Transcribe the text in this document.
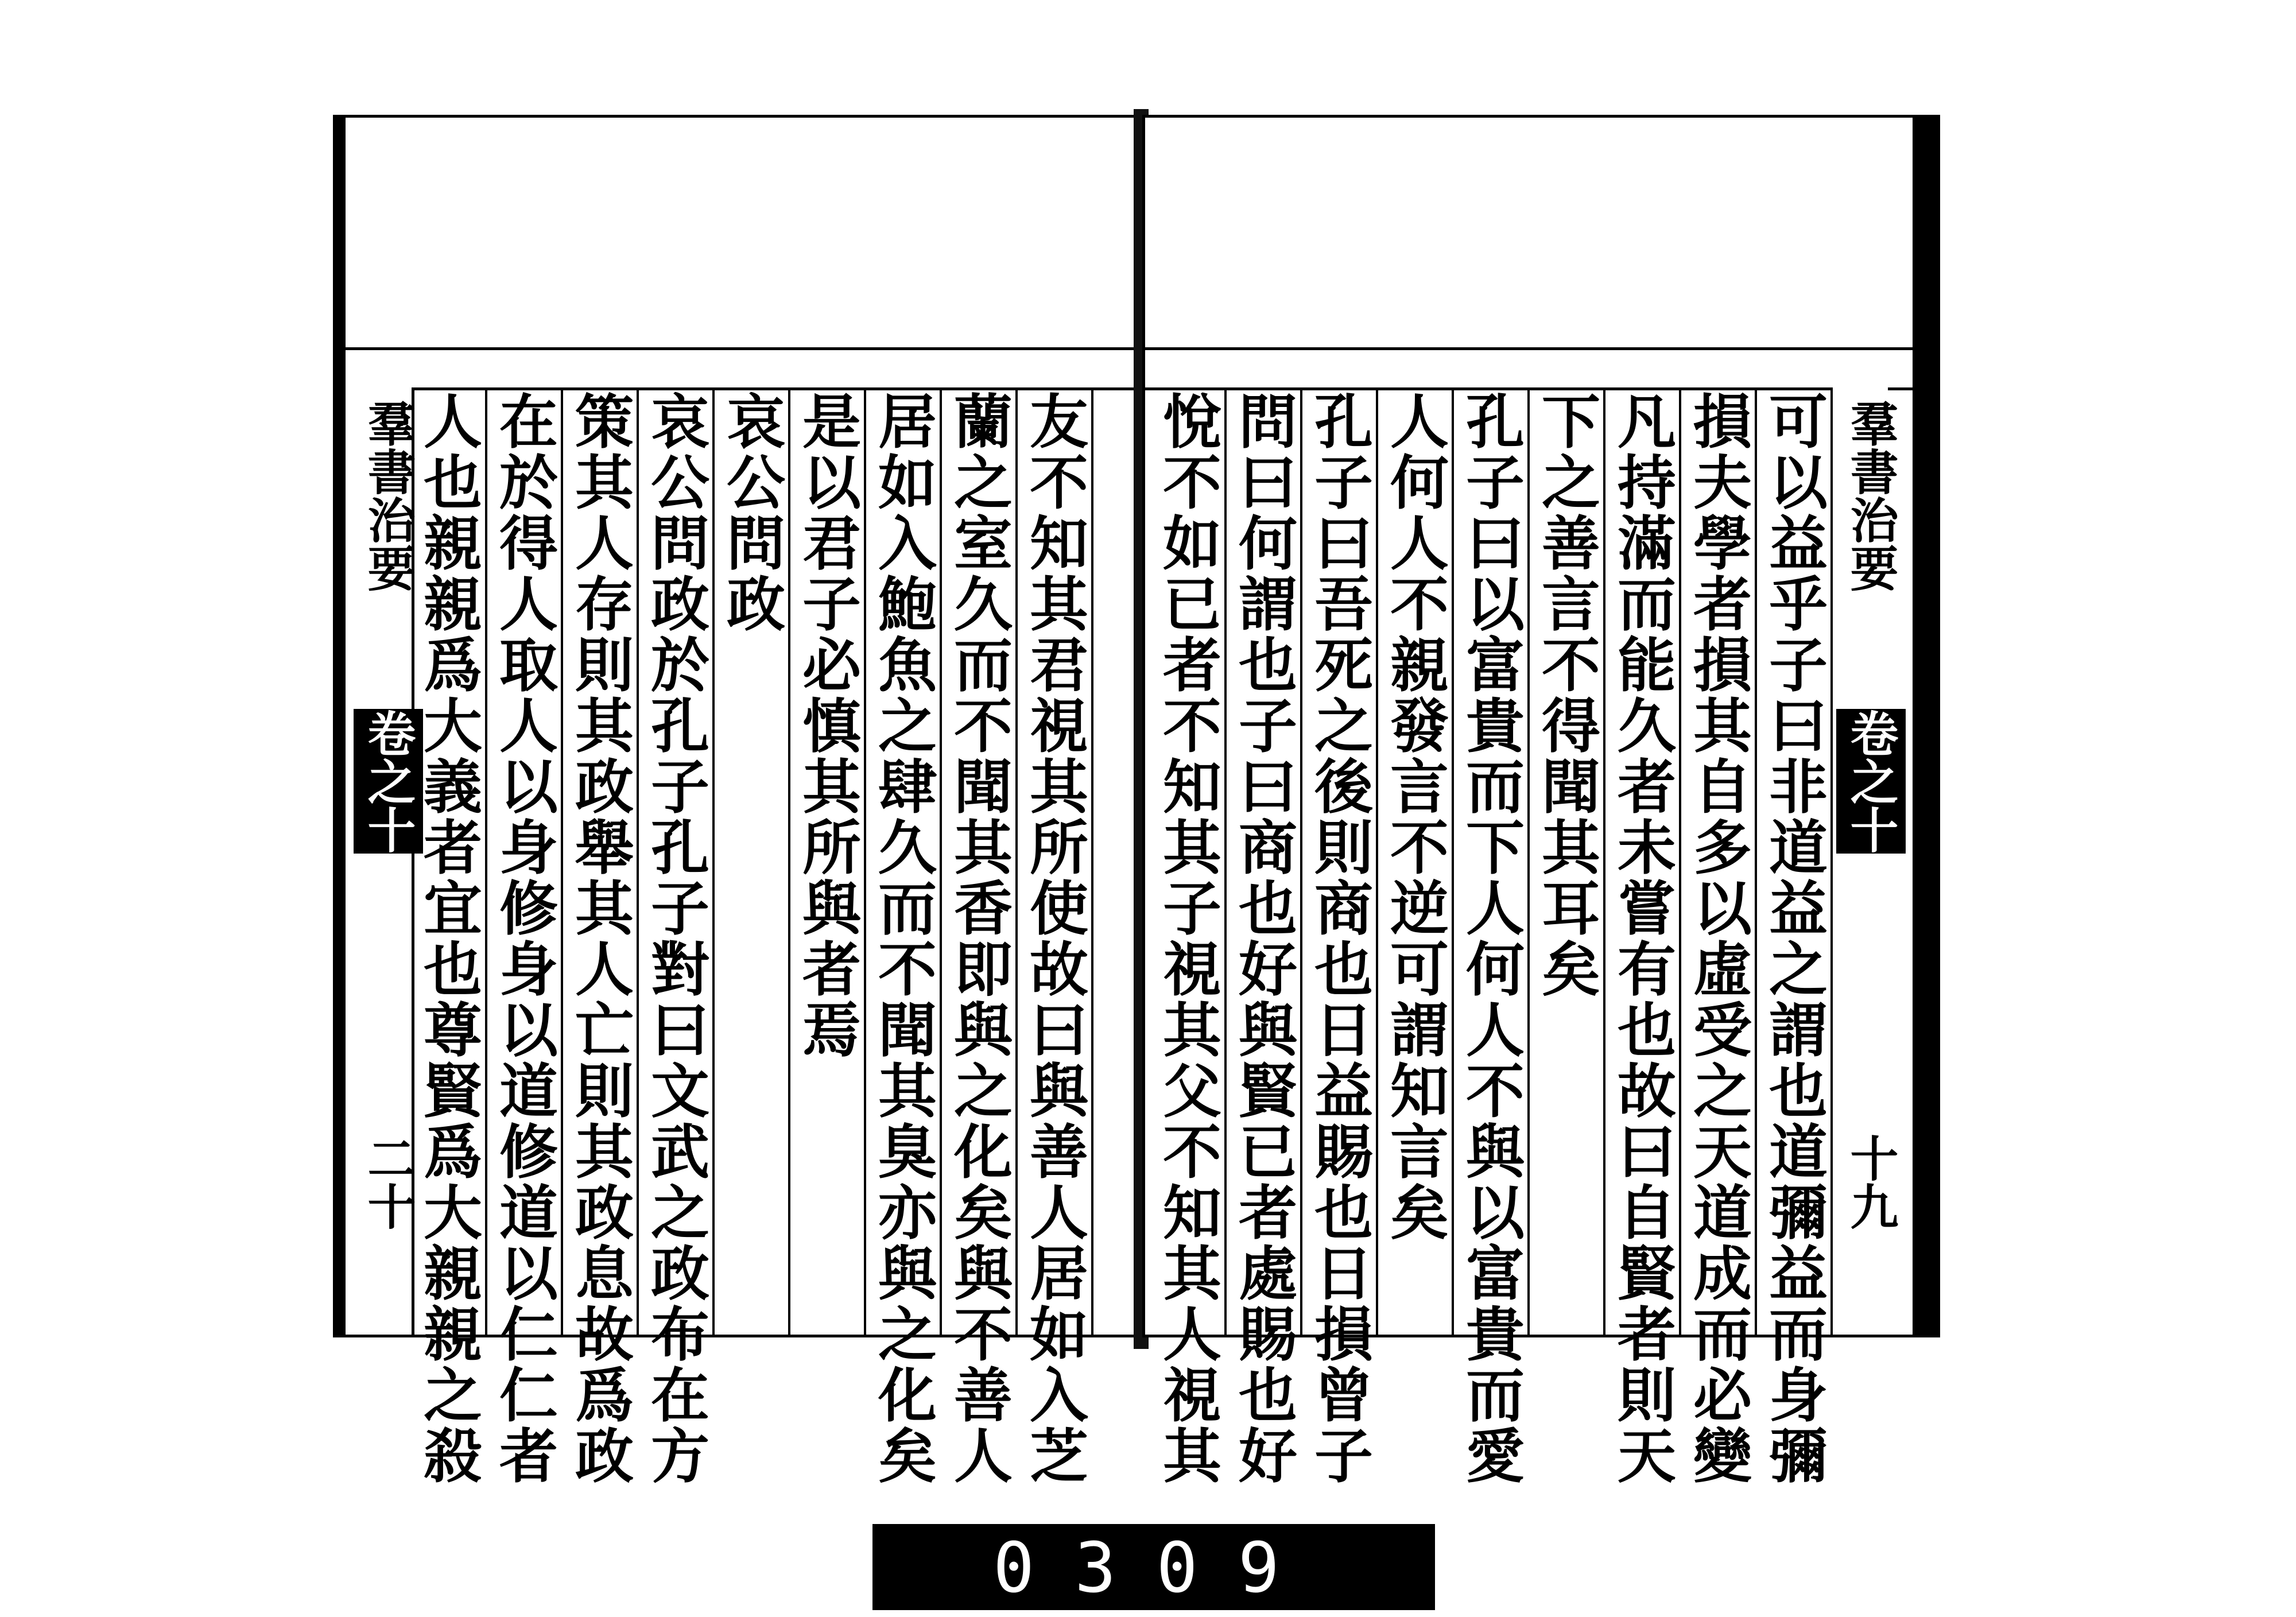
羣書治要
卷之十
二十
人也親親爲大義者宜也尊賢爲大親親之殺 在於得人取人以身修身以道修道以仁仁者 策其人存則其政舉其人亡則其政息故爲政 哀公問政於孔子孔子對曰文武之政布在方 哀公問政 是以君子必慎其所與者焉 居如入鮑魚之肆久而不聞其臭亦與之化矣 蘭之室久而不聞其香即與之化矣與不善人 友不知其君視其所使故曰與善人居如入芝 悅不如已者不知其子視其父不知其人視其 問曰何謂也子曰商也好與賢已者處賜也好 孔子曰吾死之後則商也日益賜也日損曾子 人何人不親發言不逆可謂知言矣 孔子曰以富貴而下人何人不與以富貴而愛 下之善言不得聞其耳矣 凡持滿而能久者未嘗有也故曰自賢者則天 損夫學者損其自多以虛受之天道成而必變 可以益乎子曰非道益之謂也道彌益而身彌 羣書治要
卷之十
十九
0309
